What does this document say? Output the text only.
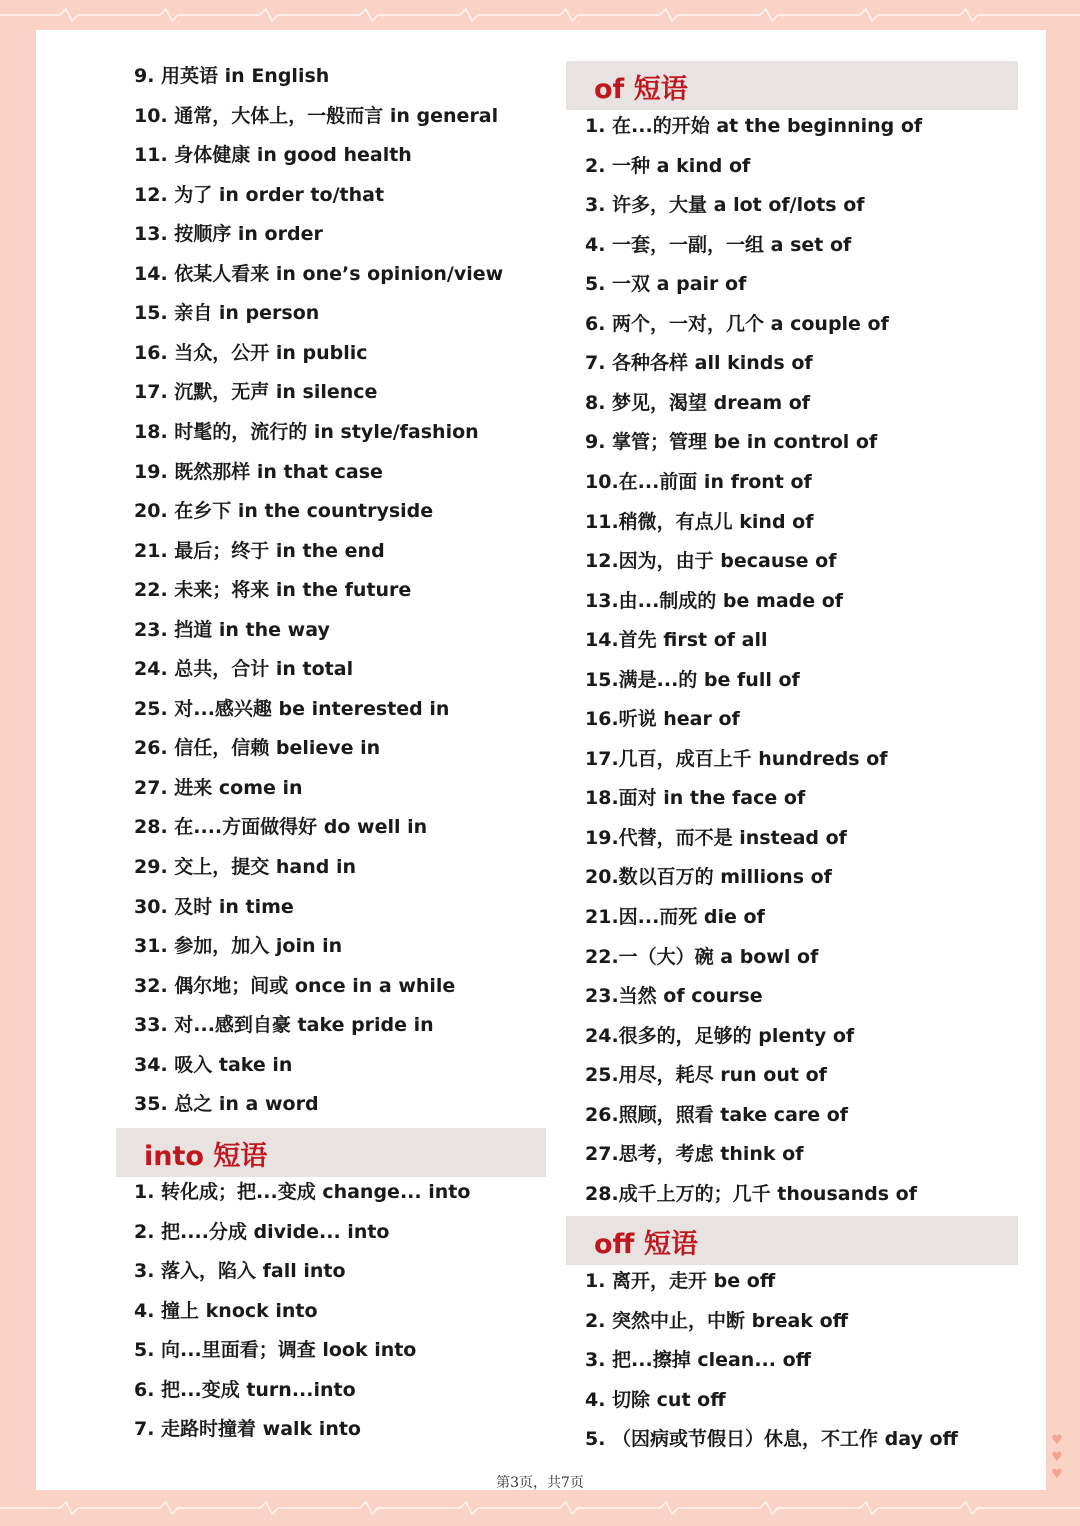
9. 用英语 in English
10. 通常，大体上，一般而言 in general
11. 身体健康 in good health
12. 为了 in order to/that
13. 按顺序 in order
14. 依某人看来 in one’s opinion/view
15. 亲自 in person
16. 当众，公开 in public
17. 沉默，无声 in silence
18. 时髦的，流行的 in style/fashion
19. 既然那样 in that case
20. 在乡下 in the countryside
21. 最后；终于 in the end
22. 未来；将来 in the future
23. 挡道 in the way
24. 总共，合计 in total
25. 对...感兴趣 be interested in
26. 信任，信赖 believe in
27. 进来 come in
28. 在....方面做得好 do well in
29. 交上，提交 hand in
30. 及时 in time
31. 参加，加入 join in
32. 偶尔地；间或 once in a while
33. 对...感到自豪 take pride in
34. 吸入 take in
35. 总之 in a word
into 短语
1. 转化成；把...变成 change... into
2. 把....分成 divide... into
3. 落入，陷入 fall into
4. 撞上 knock into
5. 向...里面看；调查 look into
6. 把...变成 turn...into
7. 走路时撞着 walk into
of 短语
1. 在...的开始 at the beginning of
2. 一种 a kind of
3. 许多，大量 a lot of/lots of
4. 一套，一副，一组 a set of
5. 一双 a pair of
6. 两个，一对，几个 a couple of
7. 各种各样 all kinds of
8. 梦见，渴望 dream of
9. 掌管；管理 be in control of
10.在...前面 in front of
11.稍微，有点儿 kind of
12.因为，由于 because of
13.由...制成的 be made of
14.首先 first of all
15.满是...的 be full of
16.听说 hear of
17.几百，成百上千 hundreds of
18.面对 in the face of
19.代替，而不是 instead of
20.数以百万的 millions of
21.因...而死 die of
22.一（大）碗 a bowl of
23.当然 of course
24.很多的，足够的 plenty of
25.用尽，耗尽 run out of
26.照顾，照看 take care of
27.思考，考虑 think of
28.成千上万的；几千 thousands of
off 短语
1. 离开，走开 be off
2. 突然中止，中断 break off
3. 把...擦掉 clean... off
4. 切除 cut off
5. （因病或节假日）休息，不工作 day off
第3页，共7页
♥
♥
♥
